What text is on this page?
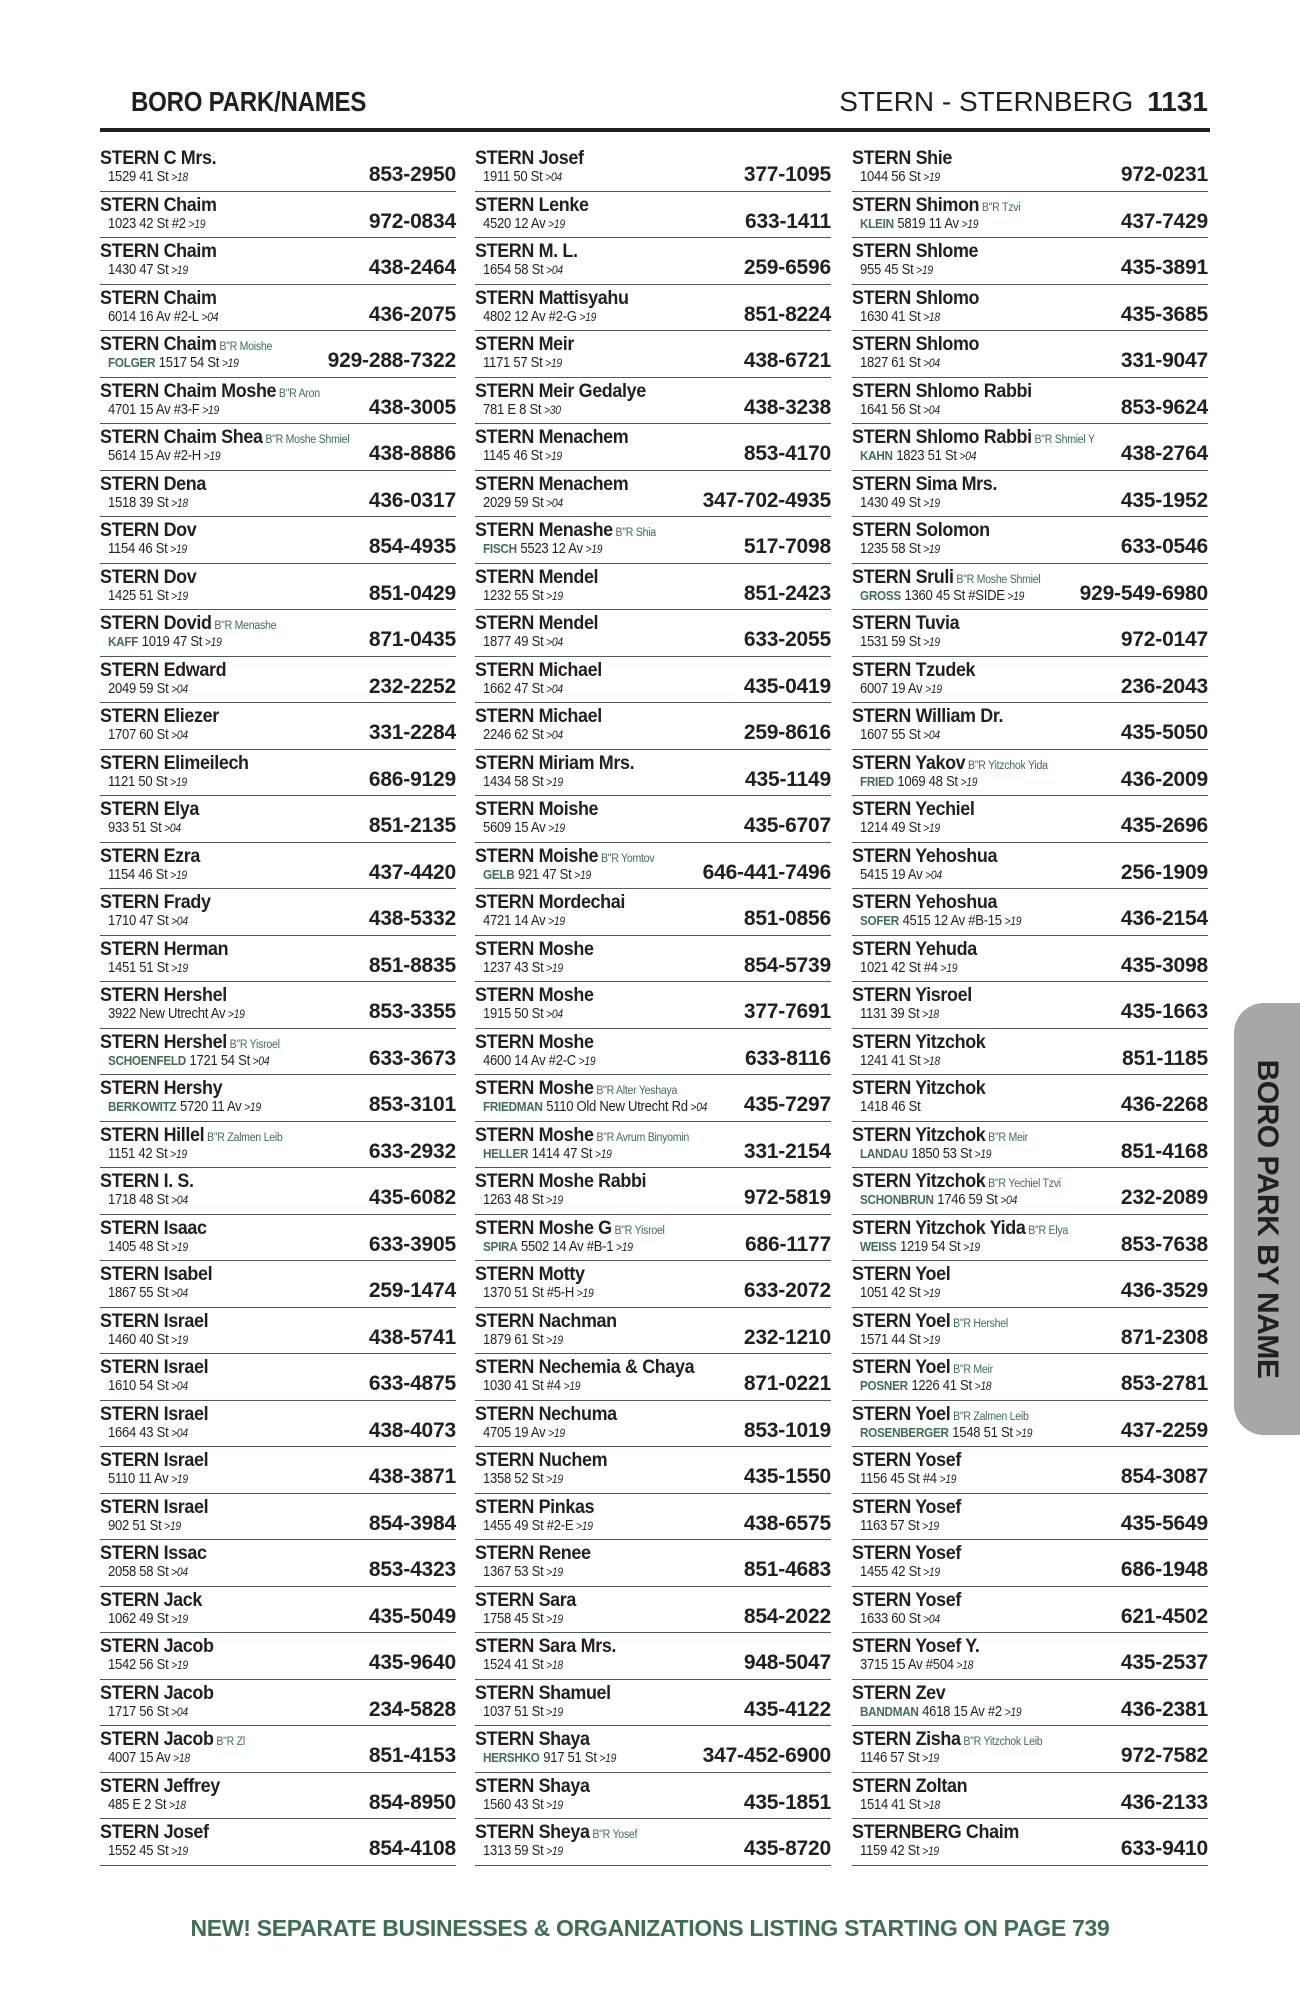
BORO PARK/NAMES	STERN - STERNBERG 1131
STERN C Mrs.
1529 41 St >18	853-2950
STERN Chaim
1023 42 St #2 >19	972-0834
STERN Chaim
1430 47 St >19	438-2464
STERN Chaim
6014 16 Av #2-L >04	436-2075
STERN Chaim B"R Moishe
FOLGER 1517 54 St >19	929-288-7322
STERN Chaim Moshe B"R Aron
4701 15 Av #3-F >19	438-3005
STERN Chaim Shea B"R Moshe Shmiel
5614 15 Av #2-H >19	438-8886
STERN Dena
1518 39 St >18	436-0317
STERN Dov
1154 46 St >19	854-4935
STERN Dov
1425 51 St >19	851-0429
STERN Dovid B"R Menashe
KAFF 1019 47 St >19	871-0435
STERN Edward
2049 59 St >04	232-2252
STERN Eliezer
1707 60 St >04	331-2284
STERN Elimeilech
1121 50 St >19	686-9129
STERN Elya
933 51 St >04	851-2135
STERN Ezra
1154 46 St >19	437-4420
STERN Frady
1710 47 St >04	438-5332
STERN Herman
1451 51 St >19	851-8835
STERN Hershel
3922 New Utrecht Av >19	853-3355
STERN Hershel B"R Yisroel
SCHOENFELD 1721 54 St >04	633-3673
STERN Hershy
BERKOWITZ 5720 11 Av >19	853-3101
STERN Hillel B"R Zalmen Leib
1151 42 St >19	633-2932
STERN I. S.
1718 48 St >04	435-6082
STERN Isaac
1405 48 St >19	633-3905
STERN Isabel
1867 55 St >04	259-1474
STERN Israel
1460 40 St >19	438-5741
STERN Israel
1610 54 St >04	633-4875
STERN Israel
1664 43 St >04	438-4073
STERN Israel
5110 11 Av >19	438-3871
STERN Israel
902 51 St >19	854-3984
STERN Issac
2058 58 St >04	853-4323
STERN Jack
1062 49 St >19	435-5049
STERN Jacob
1542 56 St >19	435-9640
STERN Jacob
1717 56 St >04	234-5828
STERN Jacob B"R Zl
4007 15 Av >18	851-4153
STERN Jeffrey
485 E 2 St >18	854-8950
STERN Josef
1552 45 St >19	854-4108
STERN Josef
1911 50 St >04	377-1095
STERN Lenke
4520 12 Av >19	633-1411
STERN M. L.
1654 58 St >04	259-6596
STERN Mattisyahu
4802 12 Av #2-G >19	851-8224
STERN Meir
1171 57 St >19	438-6721
STERN Meir Gedalye
781 E 8 St >30	438-3238
STERN Menachem
1145 46 St >19	853-4170
STERN Menachem
2029 59 St >04	347-702-4935
STERN Menashe B"R Shia
FISCH 5523 12 Av >19	517-7098
STERN Mendel
1232 55 St >19	851-2423
STERN Mendel
1877 49 St >04	633-2055
STERN Michael
1662 47 St >04	435-0419
STERN Michael
2246 62 St >04	259-8616
STERN Miriam Mrs.
1434 58 St >19	435-1149
STERN Moishe
5609 15 Av >19	435-6707
STERN Moishe B"R Yomtov
GELB 921 47 St >19	646-441-7496
STERN Mordechai
4721 14 Av >19	851-0856
STERN Moshe
1237 43 St >19	854-5739
STERN Moshe
1915 50 St >04	377-7691
STERN Moshe
4600 14 Av #2-C >19	633-8116
STERN Moshe B"R Alter Yeshaya
FRIEDMAN 5110 Old New Utrecht Rd >04 435-7297
STERN Moshe B"R Avrum Binyomin
HELLER 1414 47 St >19	331-2154
STERN Moshe Rabbi
1263 48 St >19	972-5819
STERN Moshe G B"R Yisroel
SPIRA 5502 14 Av #B-1 >19	686-1177
STERN Motty
1370 51 St #5-H >19	633-2072
STERN Nachman
1879 61 St >19	232-1210
STERN Nechemia & Chaya
1030 41 St #4 >19	871-0221
STERN Nechuma
4705 19 Av >19	853-1019
STERN Nuchem
1358 52 St >19	435-1550
STERN Pinkas
1455 49 St #2-E >19	438-6575
STERN Renee
1367 53 St >19	851-4683
STERN Sara
1758 45 St >19	854-2022
STERN Sara Mrs.
1524 41 St >18	948-5047
STERN Shamuel
1037 51 St >19	435-4122
STERN Shaya
HERSHKO 917 51 St >19	347-452-6900
STERN Shaya
1560 43 St >19	435-1851
STERN Sheya B"R Yosef
1313 59 St >19	435-8720
STERN Shie
1044 56 St >19	972-0231
STERN Shimon B"R Tzvi
KLEIN 5819 11 Av >19	437-7429
STERN Shlome
955 45 St >19	435-3891
STERN Shlomo
1630 41 St >18	435-3685
STERN Shlomo
1827 61 St >04	331-9047
STERN Shlomo Rabbi
1641 56 St >04	853-9624
STERN Shlomo Rabbi B"R Shmiel Y
KAHN 1823 51 St >04	438-2764
STERN Sima Mrs.
1430 49 St >19	435-1952
STERN Solomon
1235 58 St >19	633-0546
STERN Sruli B"R Moshe Shmiel
GROSS 1360 45 St #SIDE >19	929-549-6980
STERN Tuvia
1531 59 St >19	972-0147
STERN Tzudek
6007 19 Av >19	236-2043
STERN William Dr.
1607 55 St >04	435-5050
STERN Yakov B"R Yitzchok Yida
FRIED 1069 48 St >19	436-2009
STERN Yechiel
1214 49 St >19	435-2696
STERN Yehoshua
5415 19 Av >04	256-1909
STERN Yehoshua
SOFER 4515 12 Av #B-15 >19	436-2154
STERN Yehuda
1021 42 St #4 >19	435-3098
STERN Yisroel
1131 39 St >18	435-1663
STERN Yitzchok
1241 41 St >18	851-1185
STERN Yitzchok
1418 46 St	436-2268
STERN Yitzchok B"R Meir
LANDAU 1850 53 St >19	851-4168
STERN Yitzchok B"R Yechiel Tzvi
SCHONBRUN 1746 59 St >04	232-2089
STERN Yitzchok Yida B"R Elya
WEISS 1219 54 St >19	853-7638
STERN Yoel
1051 42 St >19	436-3529
STERN Yoel B"R Hershel
1571 44 St >19	871-2308
STERN Yoel B"R Meir
POSNER 1226 41 St >18	853-2781
STERN Yoel B"R Zalmen Leib
ROSENBERGER 1548 51 St >19	437-2259
STERN Yosef
1156 45 St #4 >19	854-3087
STERN Yosef
1163 57 St >19	435-5649
STERN Yosef
1455 42 St >19	686-1948
STERN Yosef
1633 60 St >04	621-4502
STERN Yosef Y.
3715 15 Av #504 >18	435-2537
STERN Zev
BANDMAN 4618 15 Av #2 >19	436-2381
STERN Zisha B"R Yitzchok Leib
1146 57 St >19	972-7582
STERN Zoltan
1514 41 St >18	436-2133
STERNBERG Chaim
1159 42 St >19	633-9410
BORO PARK BY NAME
NEW! SEPARATE BUSINESSES & ORGANIZATIONS LISTING STARTING ON PAGE 739
